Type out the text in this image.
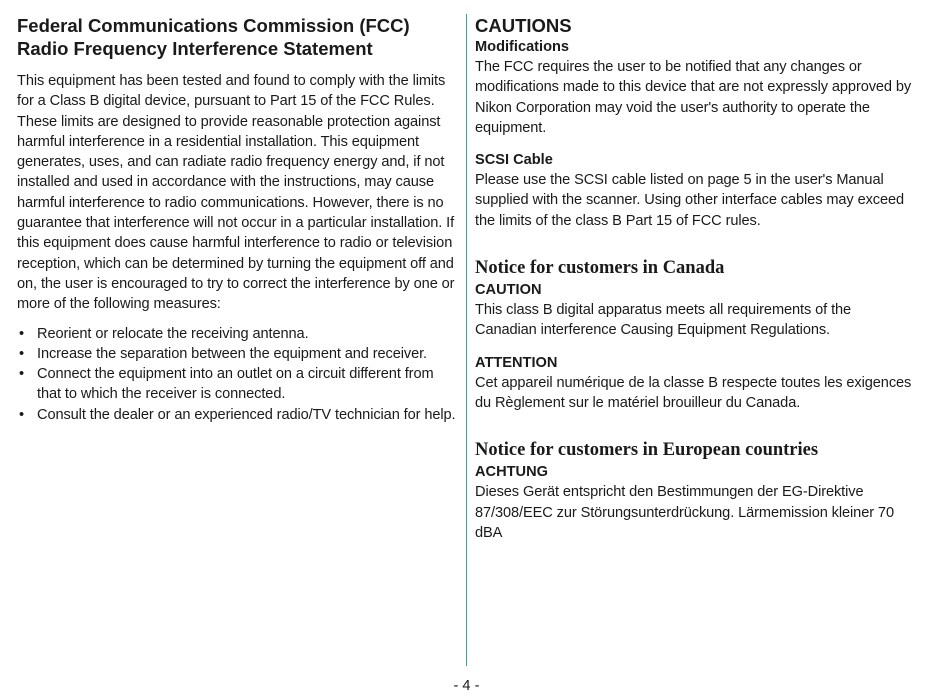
Federal Communications Commission (FCC)
Radio Frequency Interference Statement

This equipment has been tested and found to comply with the limits for a Class B digital device, pursuant to Part 15 of the FCC Rules. These limits are designed to provide reasonable protection against harmful interference in a residential installation. This equipment generates, uses, and can radiate radio frequency energy and, if not installed and used in accordance with the instructions, may cause harmful interference to radio communications. However, there is no guarantee that interference will not occur in a particular installation. If this equipment does cause harmful interference to radio or television reception, which can be determined by turning the equipment off and on, the user is encouraged to try to correct the interference by one or more of the following measures:

• Reorient or relocate the receiving antenna.
• Increase the separation between the equipment and receiver.
• Connect the equipment into an outlet on a circuit different from that to which the receiver is connected.
• Consult the dealer or an experienced radio/TV technician for help.
CAUTIONS
Modifications

The FCC requires the user to be notified that any changes or modifications made to this device that are not expressly approved by Nikon Corporation may void the user's authority to operate the equipment.

SCSI Cable

Please use the SCSI cable listed on page 5 in the user's Manual supplied with the scanner. Using other interface cables may exceed the limits of the class B Part 15 of FCC rules.

Notice for customers in Canada
CAUTION

This class B digital apparatus meets all requirements of the Canadian interference Causing Equipment Regulations.

ATTENTION

Cet appareil numérique de la classe B respecte toutes les exigences du Règlement sur le matériel brouilleur du Canada.

Notice for customers in European countries
ACHTUNG

Dieses Gerät entspricht den Bestimmungen der EG-Direktive 87/308/EEC zur Störungsunterdrückung. Lärmemission kleiner 70 dBA

- 4 -
